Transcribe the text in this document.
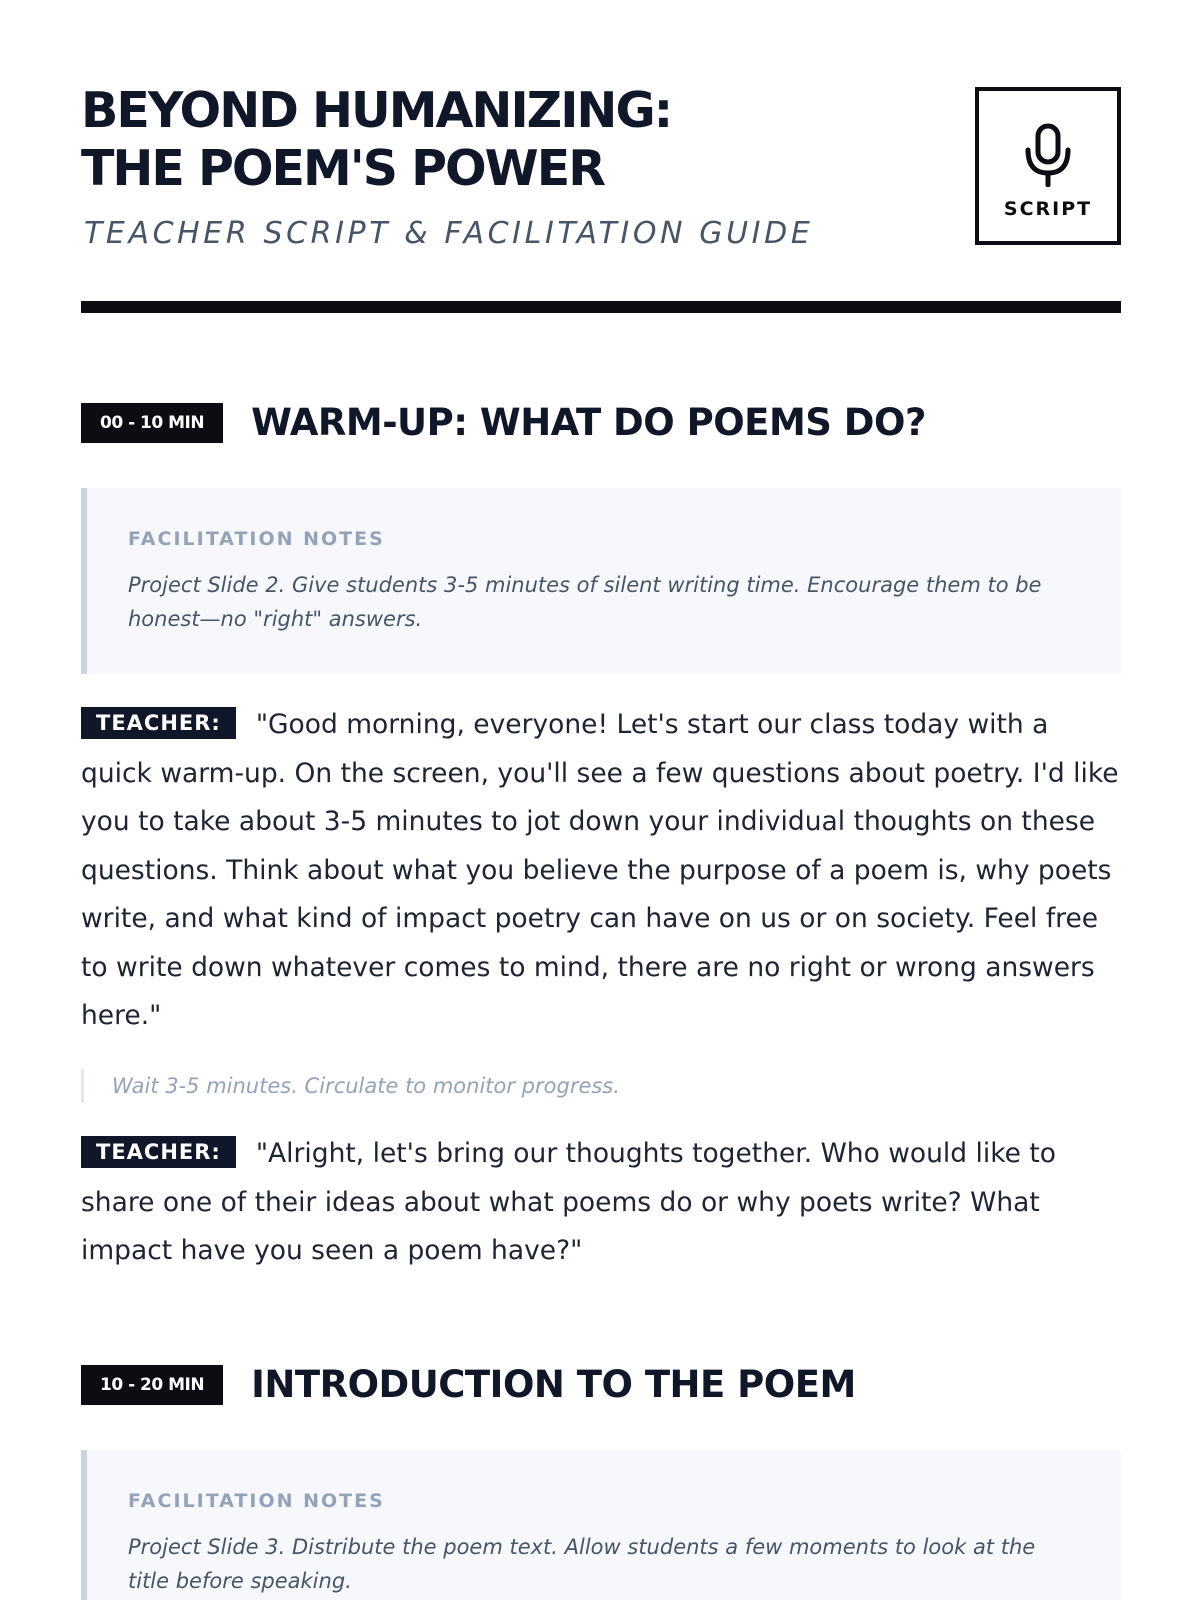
BEYOND HUMANIZING:
THE POEM'S POWER
TEACHER SCRIPT & FACILITATION GUIDE
SCRIPT
00 - 10 MIN	WARM-UP: WHAT DO POEMS DO?
FACILITATION NOTES
Project Slide 2. Give students 3-5 minutes of silent writing time. Encourage them to be honest—no "right" answers.

TEACHER: "Good morning, everyone! Let's start our class today with a quick warm-up. On the screen, you'll see a few questions about poetry. I'd like you to take about 3-5 minutes to jot down your individual thoughts on these questions. Think about what you believe the purpose of a poem is, why poets write, and what kind of impact poetry can have on us or on society. Feel free to write down whatever comes to mind, there are no right or wrong answers here."

Wait 3-5 minutes. Circulate to monitor progress.

TEACHER: "Alright, let's bring our thoughts together. Who would like to share one of their ideas about what poems do or why poets write? What impact have you seen a poem have?"

10 - 20 MIN	INTRODUCTION TO THE POEM
FACILITATION NOTES
Project Slide 3. Distribute the poem text. Allow students a few moments to look at the title before speaking.
